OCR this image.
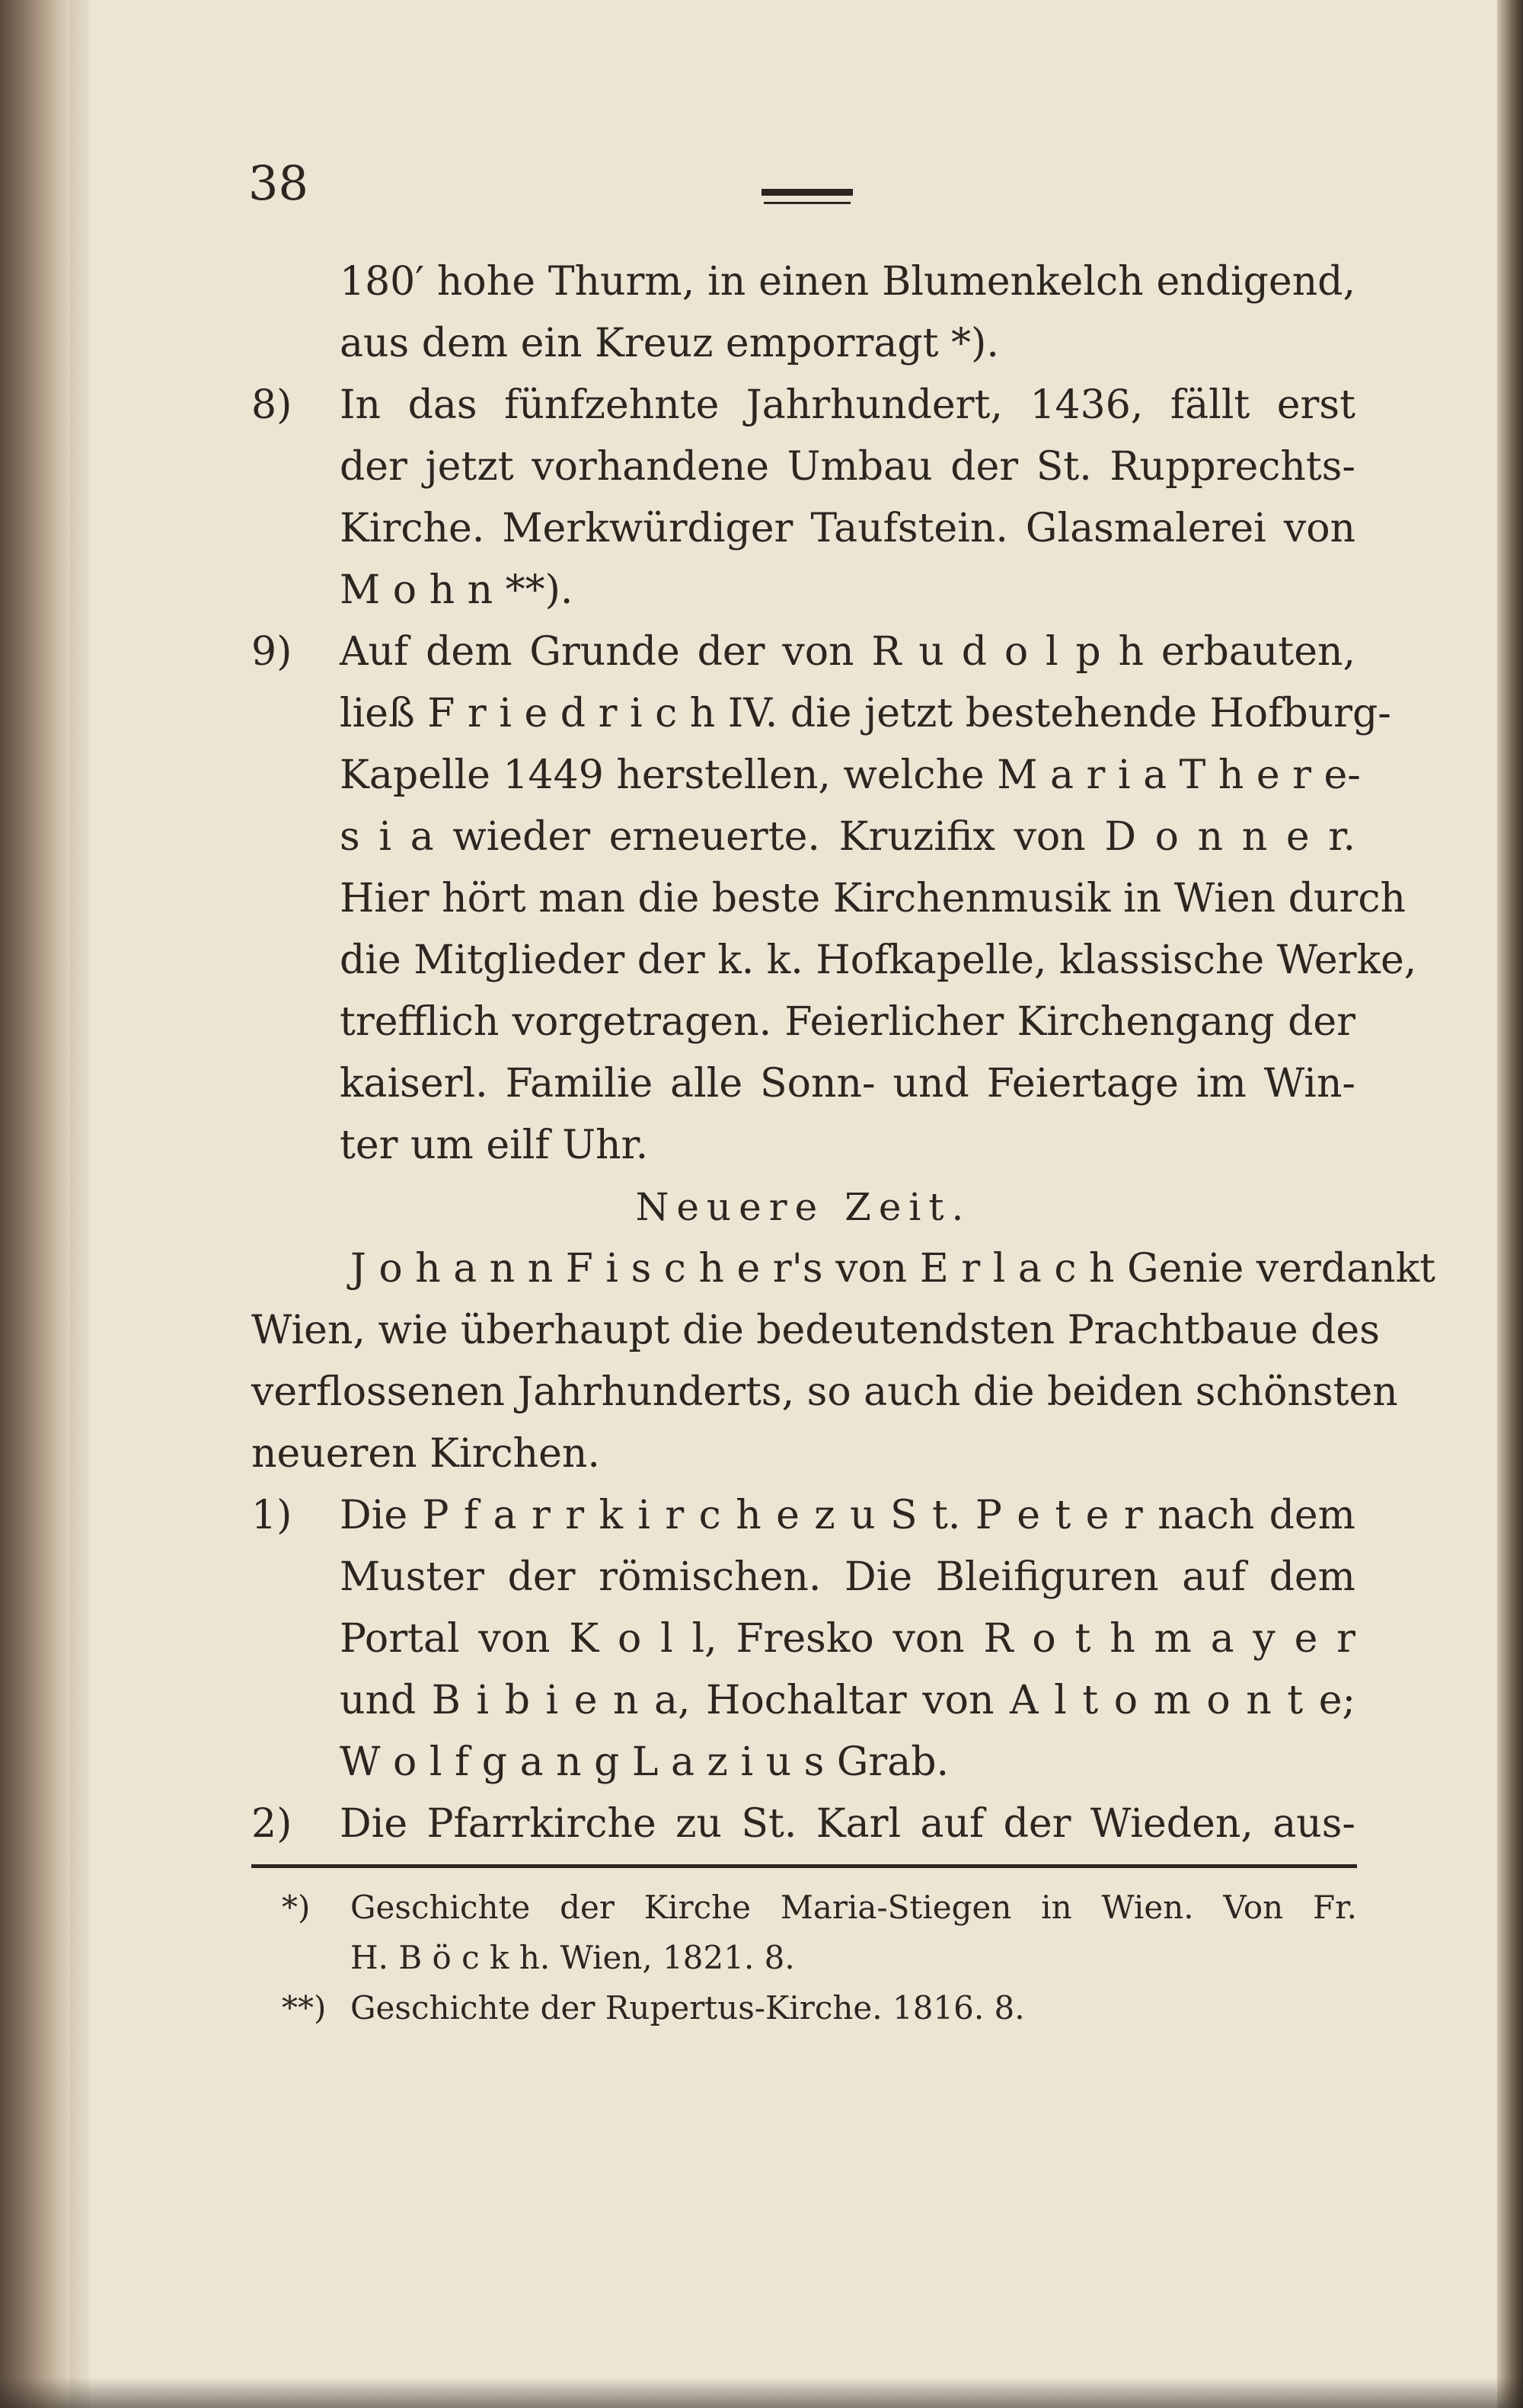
38
180′ hohe Thurm, in einen Blumenkelch endigend,
aus dem ein Kreuz emporragt *).
8)	In das fünfzehnte Jahrhundert, 1436, fällt erst
der jetzt vorhandene Umbau der St. Rupprechts-
Kirche. Merkwürdiger Taufstein. Glasmalerei von
M o h n **).
9)	Auf dem Grunde der von R u d o l p h erbauten,
ließ F r i e d r i c h IV. die jetzt bestehende Hofburg-
Kapelle 1449 herstellen, welche M a r i a T h e r e-
s i a wieder erneuerte. Kruzifix von D o n n e r.
Hier hört man die beste Kirchenmusik in Wien durch
die Mitglieder der k. k. Hofkapelle, klassische Werke,
trefflich vorgetragen. Feierlicher Kirchengang der
kaiserl. Familie alle Sonn- und Feiertage im Win-
ter um eilf Uhr.
Neuere Zeit.
J o h a n n F i s c h e r's von E r l a c h Genie verdankt
Wien, wie überhaupt die bedeutendsten Prachtbaue des
verflossenen Jahrhunderts, so auch die beiden schönsten
neueren Kirchen.
1)	Die P f a r r k i r c h e z u S t. P e t e r nach dem
Muster der römischen. Die Bleifiguren auf dem
Portal von K o l l, Fresko von R o t h m a y e r
und B i b i e n a, Hochaltar von A l t o m o n t e;
W o l f g a n g L a z i u s Grab.
2)	Die Pfarrkirche zu St. Karl auf der Wieden, aus-
*) Geschichte der Kirche Maria-Stiegen in Wien. Von Fr.
H. B ö c k h. Wien, 1821. 8.
**) Geschichte der Rupertus-Kirche. 1816. 8.
